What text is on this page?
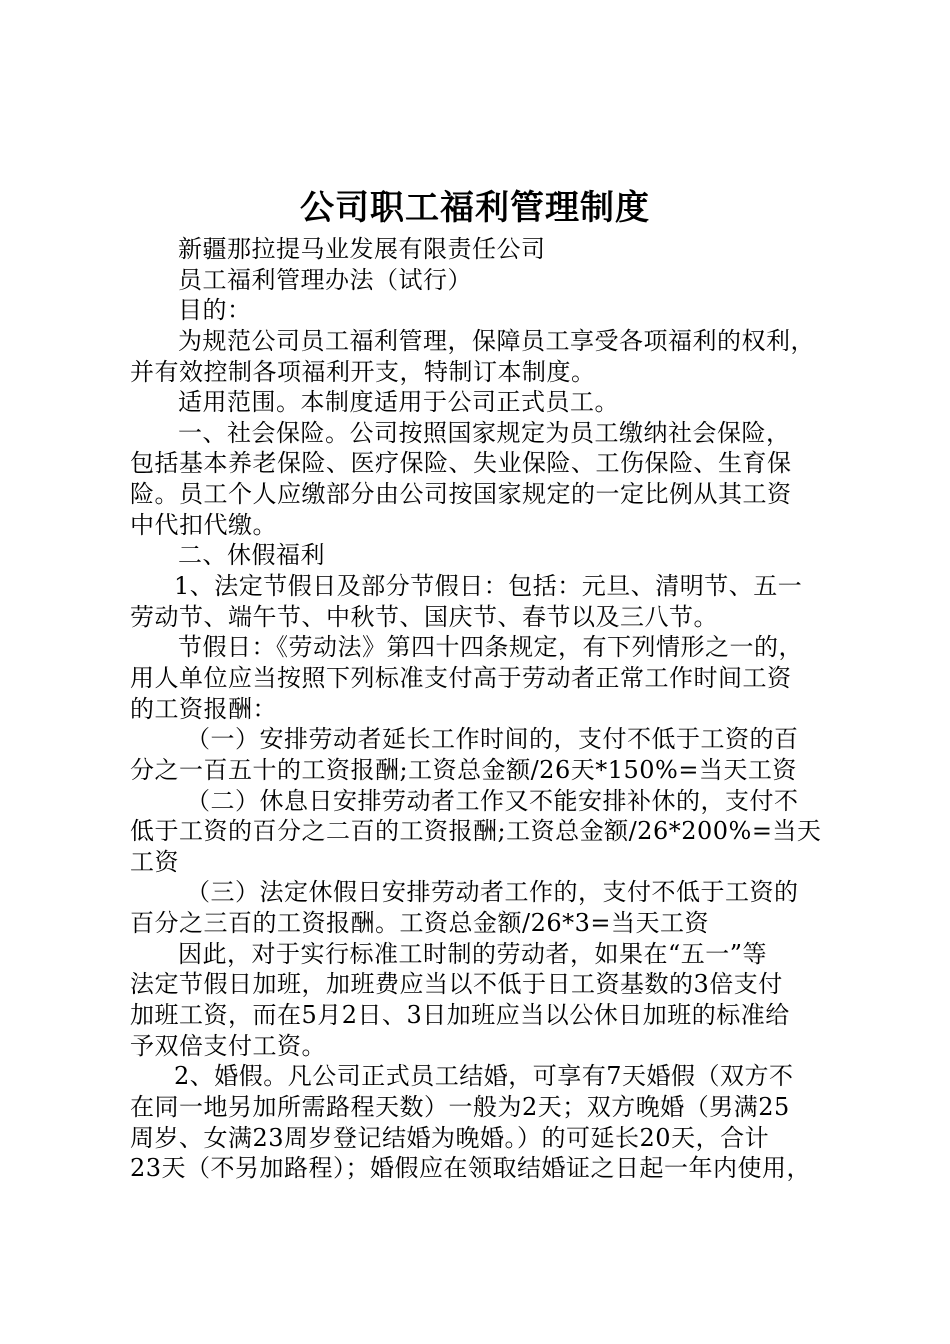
公司职工福利管理制度
新疆那拉提马业发展有限责任公司
员工福利管理办法（试行）
目的：
为规范公司员工福利管理，保障员工享受各项福利的权利，
并有效控制各项福利开支，特制订本制度。
适用范围。本制度适用于公司正式员工。
一、社会保险。公司按照国家规定为员工缴纳社会保险，
包括基本养老保险、医疗保险、失业保险、工伤保险、生育保
险。员工个人应缴部分由公司按国家规定的一定比例从其工资
中代扣代缴。
二、休假福利
1、法定节假日及部分节假日：包括：元旦、清明节、五一
劳动节、端午节、中秋节、国庆节、春节以及三八节。
节假日：《劳动法》第四十四条规定，有下列情形之一的，
用人单位应当按照下列标准支付高于劳动者正常工作时间工资
的工资报酬：
（一）安排劳动者延长工作时间的，支付不低于工资的百
分之一百五十的工资报酬;工资总金额/26天*150%=当天工资
（二）休息日安排劳动者工作又不能安排补休的，支付不
低于工资的百分之二百的工资报酬;工资总金额/26*200%=当天
工资
（三）法定休假日安排劳动者工作的，支付不低于工资的
百分之三百的工资报酬。工资总金额/26*3=当天工资
因此，对于实行标准工时制的劳动者，如果在“五一”等
法定节假日加班，加班费应当以不低于日工资基数的3倍支付
加班工资，而在5月2日、3日加班应当以公休日加班的标准给
予双倍支付工资。
2、婚假。凡公司正式员工结婚，可享有7天婚假（双方不
在同一地另加所需路程天数）一般为2天；双方晚婚（男满25
周岁、女满23周岁登记结婚为晚婚。）的可延长20天，合计
23天（不另加路程）；婚假应在领取结婚证之日起一年内使用，
